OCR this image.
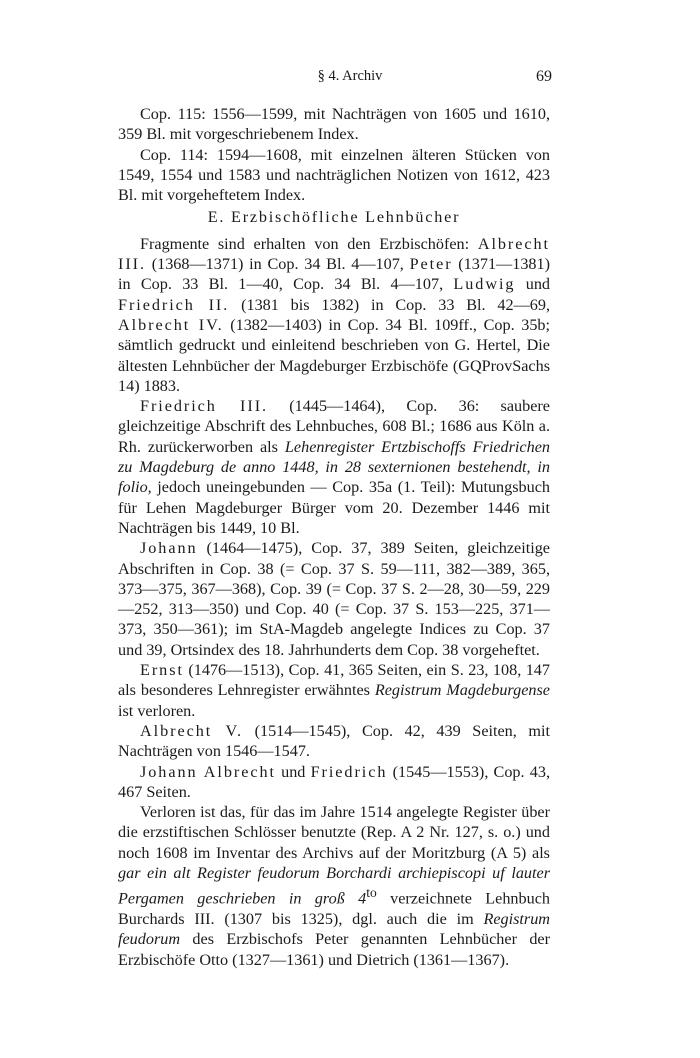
§ 4. Archiv	69

Cop. 115: 1556—1599, mit Nachträgen von 1605 und 1610, 359 Bl. mit vorgeschriebenem Index.

Cop. 114: 1594—1608, mit einzelnen älteren Stücken von 1549, 1554 und 1583 und nachträglichen Notizen von 1612, 423 Bl. mit vorgeheftetem Index.

E. Erzbischöfliche Lehnbücher

Fragmente sind erhalten von den Erzbischöfen: Albrecht III. (1368—1371) in Cop. 34 Bl. 4—107, Peter (1371—1381) in Cop. 33 Bl. 1—40, Cop. 34 Bl. 4—107, Ludwig und Friedrich II. (1381 bis 1382) in Cop. 33 Bl. 42—69, Albrecht IV. (1382—1403) in Cop. 34 Bl. 109ff., Cop. 35b; sämtlich gedruckt und einleitend beschrieben von G. Hertel, Die ältesten Lehnbücher der Magdeburger Erzbischöfe (GQProvSachs 14) 1883.

Friedrich III. (1445—1464), Cop. 36: saubere gleichzeitige Abschrift des Lehnbuches, 608 Bl.; 1686 aus Köln a. Rh. zurückerworben als Lehenregister Ertzbischoffs Friedrichen zu Magdeburg de anno 1448, in 28 sexternionen bestehendt, in folio, jedoch uneingebunden — Cop. 35a (1. Teil): Mutungsbuch für Lehen Magdeburger Bürger vom 20. Dezember 1446 mit Nachträgen bis 1449, 10 Bl.

Johann (1464—1475), Cop. 37, 389 Seiten, gleichzeitige Abschriften in Cop. 38 (= Cop. 37 S. 59—111, 382—389, 365, 373—375, 367—368), Cop. 39 (= Cop. 37 S. 2—28, 30—59, 229—252, 313—350) und Cop. 40 (= Cop. 37 S. 153—225, 371—373, 350—361); im StA-Magdeb angelegte Indices zu Cop. 37 und 39, Ortsindex des 18. Jahrhunderts dem Cop. 38 vorgeheftet.

Ernst (1476—1513), Cop. 41, 365 Seiten, ein S. 23, 108, 147 als besonderes Lehnregister erwähntes Registrum Magdeburgense ist verloren.

Albrecht V. (1514—1545), Cop. 42, 439 Seiten, mit Nachträgen von 1546—1547.

Johann Albrecht und Friedrich (1545—1553), Cop. 43, 467 Seiten.

Verloren ist das, für das im Jahre 1514 angelegte Register über die erzstiftischen Schlösser benutzte (Rep. A 2 Nr. 127, s. o.) und noch 1608 im Inventar des Archivs auf der Moritzburg (A 5) als gar ein alt Register feudorum Borchardi archiepiscopi uf lauter Pergamen geschrieben in groß $4^{to}$ verzeichnete Lehnbuch Burchards III. (1307 bis 1325), dgl. auch die im Registrum feudorum des Erzbischofs Peter genannten Lehnbücher der Erzbischöfe Otto (1327—1361) und Dietrich (1361—1367).
